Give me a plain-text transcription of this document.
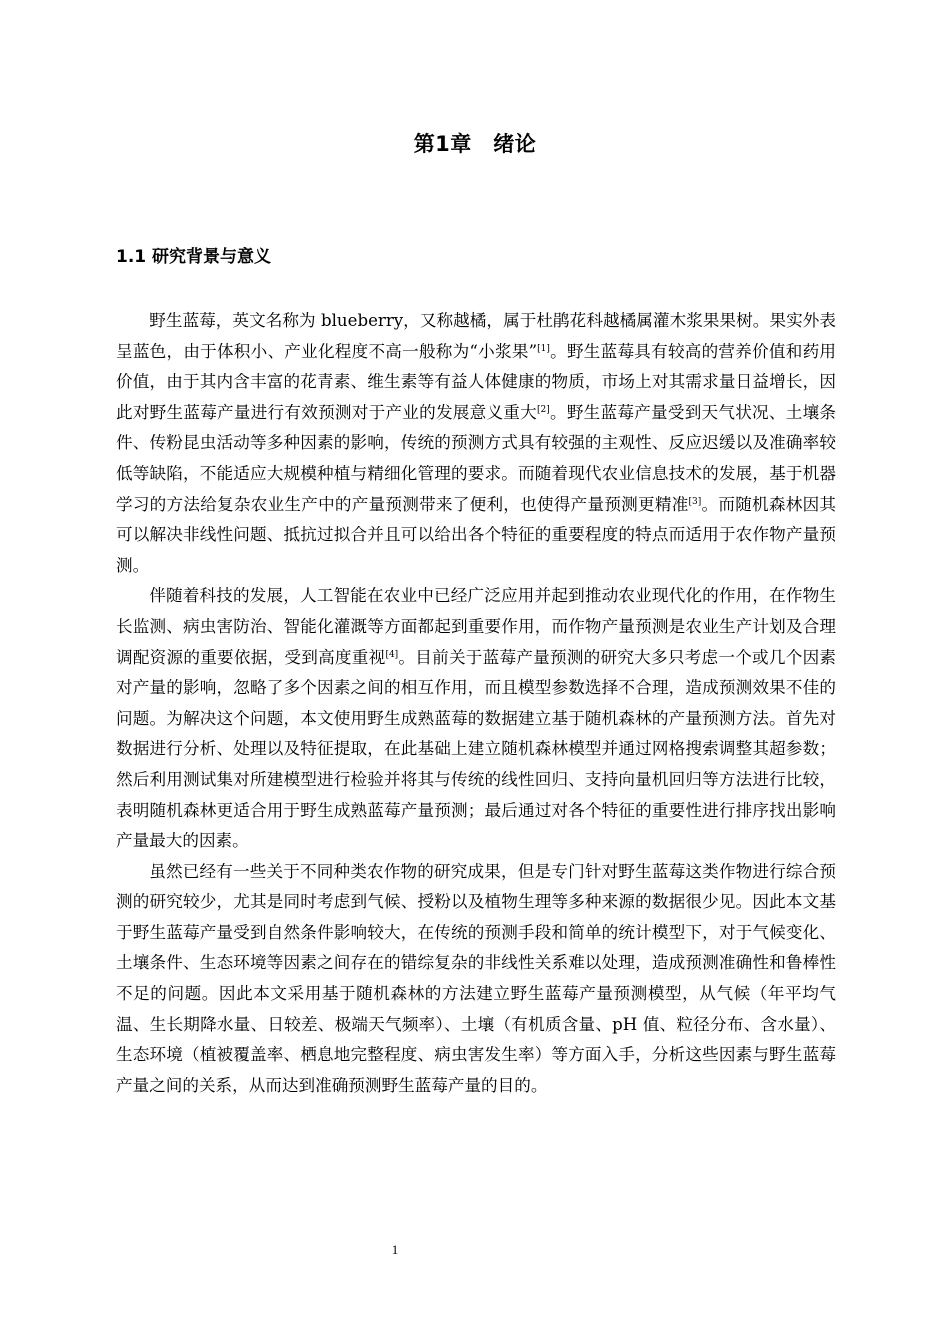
第1章　绪论
1.1 研究背景与意义

野生蓝莓，英文名称为 blueberry，又称越橘，属于杜鹃花科越橘属灌木浆果果树。果实外表呈蓝色，由于体积小、产业化程度不高一般称为“小浆果”[1]。野生蓝莓具有较高的营养价值和药用价值，由于其内含丰富的花青素、维生素等有益人体健康的物质，市场上对其需求量日益增长，因此对野生蓝莓产量进行有效预测对于产业的发展意义重大[2]。野生蓝莓产量受到天气状况、土壤条件、传粉昆虫活动等多种因素的影响，传统的预测方式具有较强的主观性、反应迟缓以及准确率较低等缺陷，不能适应大规模种植与精细化管理的要求。而随着现代农业信息技术的发展，基于机器学习的方法给复杂农业生产中的产量预测带来了便利，也使得产量预测更精准[3]。而随机森林因其可以解决非线性问题、抵抗过拟合并且可以给出各个特征的重要程度的特点而适用于农作物产量预测。

伴随着科技的发展，人工智能在农业中已经广泛应用并起到推动农业现代化的作用，在作物生长监测、病虫害防治、智能化灌溉等方面都起到重要作用，而作物产量预测是农业生产计划及合理调配资源的重要依据，受到高度重视[4]。目前关于蓝莓产量预测的研究大多只考虑一个或几个因素对产量的影响，忽略了多个因素之间的相互作用，而且模型参数选择不合理，造成预测效果不佳的问题。为解决这个问题，本文使用野生成熟蓝莓的数据建立基于随机森林的产量预测方法。首先对数据进行分析、处理以及特征提取，在此基础上建立随机森林模型并通过网格搜索调整其超参数；然后利用测试集对所建模型进行检验并将其与传统的线性回归、支持向量机回归等方法进行比较，表明随机森林更适合用于野生成熟蓝莓产量预测；最后通过对各个特征的重要性进行排序找出影响产量最大的因素。

虽然已经有一些关于不同种类农作物的研究成果，但是专门针对野生蓝莓这类作物进行综合预测的研究较少，尤其是同时考虑到气候、授粉以及植物生理等多种来源的数据很少见。因此本文基于野生蓝莓产量受到自然条件影响较大，在传统的预测手段和简单的统计模型下，对于气候变化、土壤条件、生态环境等因素之间存在的错综复杂的非线性关系难以处理，造成预测准确性和鲁棒性不足的问题。因此本文采用基于随机森林的方法建立野生蓝莓产量预测模型，从气候（年平均气温、生长期降水量、日较差、极端天气频率）、土壤（有机质含量、pH 值、粒径分布、含水量）、生态环境（植被覆盖率、栖息地完整程度、病虫害发生率）等方面入手，分析这些因素与野生蓝莓产量之间的关系，从而达到准确预测野生蓝莓产量的目的。

1
